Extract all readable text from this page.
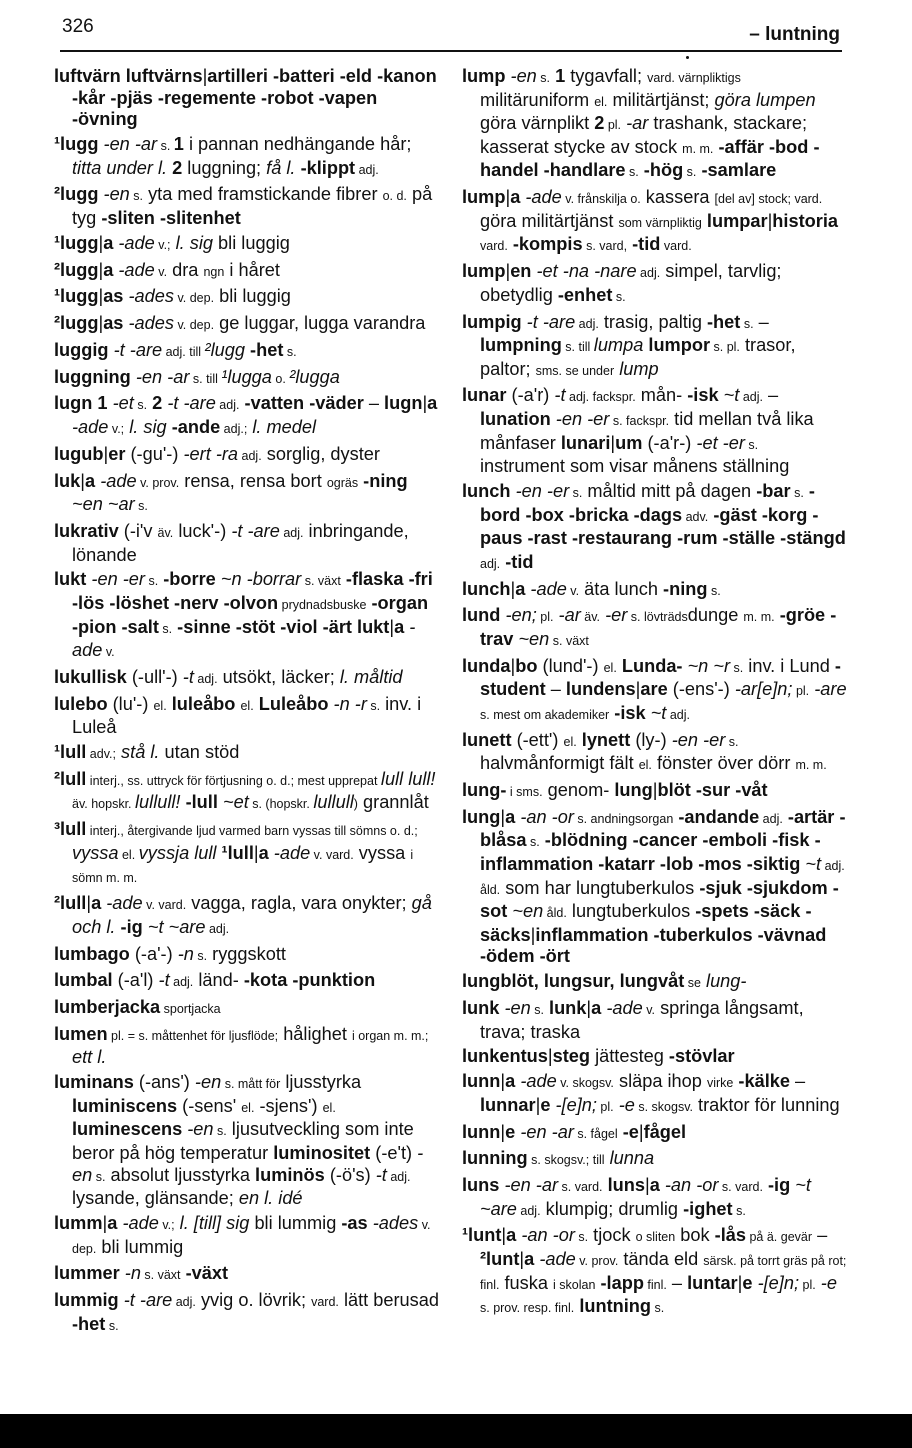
326	– luntning

luftvärn luftvärns|artilleri -batteri -eld -kanon -kår -pjäs -regemente -robot -vapen -övning

¹lugg -en -ar s. 1 i pannan nedhängande hår; titta under l. 2 luggning; få l. -klippt adj.

²lugg -en s. yta med framstickande fibrer o. d. på tyg -sliten -slitenhet

¹lugg|a -ade v.; l. sig bli luggig

²lugg|a -ade v. dra ngn i håret

¹lugg|as -ades v. dep. bli luggig

²lugg|as -ades v. dep. ge luggar, lugga varandra

luggig -t -are adj. till ²lugg -het s.

luggning -en -ar s. till ¹lugga o. ²lugga

lugn 1 -et s. 2 -t -are adj. -vatten -väder – lugn|a -ade v.; l. sig -ande adj.; l. medel

lugub|er (-gu'-) -ert -ra adj. sorglig, dyster

luk|a -ade v. prov. rensa, rensa bort ogräs -ning ~en ~ar s.

lukrativ (-i'v äv. luck'-) -t -are adj. inbringande, lönande

lukt -en -er s. -borre ~n -borrar s. växt -flaska -fri -lös -löshet -nerv -olvon prydnadsbuske -organ -pion -salt s. -sinne -stöt -viol -ärt lukt|a -ade v.

lukullisk (-ull'-) -t adj. utsökt, läcker; l. måltid

lulebo (lu'-) el. luleåbo el. Luleåbo -n -r s. inv. i Luleå

¹lull adv.; stå l. utan stöd

²lull interj., ss. uttryck för förtjusning o. d.; mest upprepat lull lull! äv. hopskr. lullull! -lull ~et s. (hopskr. lullull) grannlåt

³lull interj., återgivande ljud varmed barn vyssas till sömns o. d.; vyssa el. vyssja lull ¹lull|a -ade v. vard. vyssa i sömn m. m.

²lull|a -ade v. vard. vagga, ragla, vara onykter; gå och l. -ig ~t ~are adj.

lumbago (-a'-) -n s. ryggskott

lumbal (-a'l) -t adj. länd- -kota -punktion

lumberjacka sportjacka

lumen pl. = s. måttenhet för ljusflöde; hålighet i organ m. m.; ett l.

luminans (-ans') -en s. mått för ljusstyrka luminiscens (-sens' el. -sjens') el. luminescens -en s. ljusutveckling som inte beror på hög temperatur luminositet (-e't) -en s. absolut ljusstyrka luminös (-ö's) -t adj. lysande, glänsande; en l. idé

lumm|a -ade v.; l. [till] sig bli lummig -as -ades v. dep. bli lummig

lummer -n s. växt -växt

lummig -t -are adj. yvig o. lövrik; vard. lätt berusad -het s.

lump -en s. 1 tygavfall; vard. värnpliktigs militäruniform el. militärtjänst; göra lumpen göra värnplikt 2 pl. -ar trashank, stackare; kasserat stycke av stock m. m. -affär -bod -handel -handlare s. -hög s. -samlare

lump|a -ade v. frånskilja o. kassera [del av] stock; vard. göra militärtjänst som värnpliktig lumpar|historia vard. -kompis s. vard, -tid vard.

lump|en -et -na -nare adj. simpel, tarvlig; obetydlig -enhet s.

lumpig -t -are adj. trasig, paltig -het s. – lumpning s. till lumpa lumpor s. pl. trasor, paltor; sms. se under lump

lunar (-a'r) -t adj. fackspr. mån- -isk ~t adj. – lunation -en -er s. fackspr. tid mellan två lika månfaser lunari|um (-a'r-) -et -er s. instrument som visar månens ställning

lunch -en -er s. måltid mitt på dagen -bar s. -bord -box -bricka -dags adv. -gäst -korg -paus -rast -restaurang -rum -ställe -stängd adj. -tid

lunch|a -ade v. äta lunch -ning s.

lund -en; pl. -ar äv. -er s. lövträdsdunge m. m. -gröe -trav ~en s. växt

lunda|bo (lund'-) el. Lunda- ~n ~r s. inv. i Lund -student – lundens|are (-ens'-) -ar[e]n; pl. -are s. mest om akademiker -isk ~t adj.

lunett (-ett') el. lynett (ly-) -en -er s. halvmånformigt fält el. fönster över dörr m. m.

lung- i sms. genom- lung|blöt -sur -våt

lung|a -an -or s. andningsorgan -andande adj. -artär -blåsa s. -blödning -cancer -emboli -fisk -inflammation -katarr -lob -mos -siktig ~t adj. åld. som har lungtuberkulos -sjuk -sjukdom -sot ~en åld. lungtuberkulos -spets -säck -säcks|inflammation -tuberkulos -vävnad -ödem -ört

lungblöt, lungsur, lungvåt se lung-

lunk -en s. lunk|a -ade v. springa långsamt, trava; traska

lunkentus|steg jättesteg -stövlar

lunn|a -ade v. skogsv. släpa ihop virke -kälke – lunnar|e -[e]n; pl. -e s. skogsv. traktor för lunning

lunn|e -en -ar s. fågel -e|fågel

lunning s. skogsv.; till lunna

luns -en -ar s. vard. luns|a -an -or s. vard. -ig ~t ~are adj. klumpig; drumlig -ighet s.

¹lunt|a -an -or s. tjock o sliten bok -lås på ä. gevär – ²lunt|a -ade v. prov. tända eld särsk. på torrt gräs på rot; finl. fuska i skolan -lapp finl. – luntar|e -[e]n; pl. -e s. prov. resp. finl. luntning s.
